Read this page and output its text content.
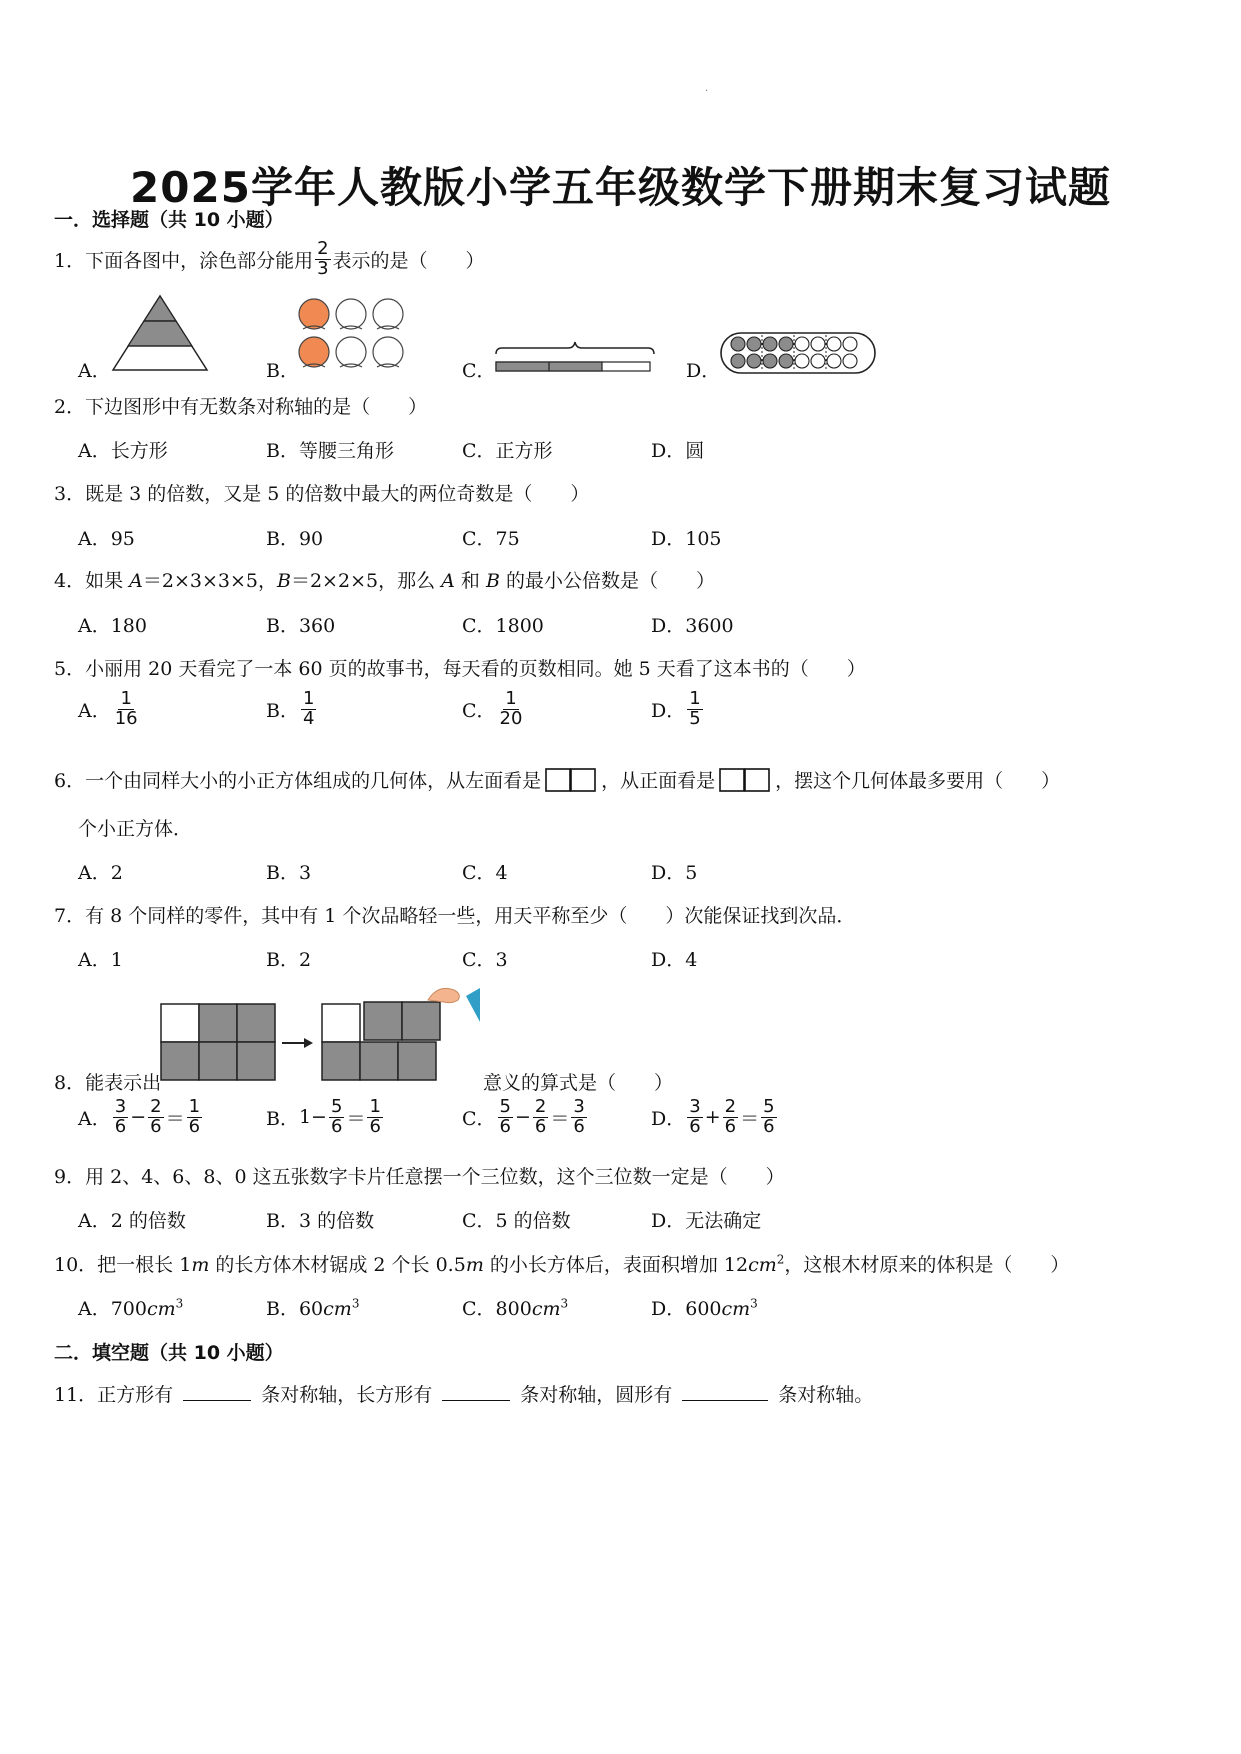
·
2025学年人教版小学五年级数学下册期末复习试题
一．选择题（共 10 小题）
1．下面各图中，涂色部分能用 $\frac{2}{3}$ 表示的是（　　）
A．	B．	C．	D．
2．下边图形中有无数条对称轴的是（　　）
A．长方形	B．等腰三角形	C．正方形	D．圆
3．既是 3 的倍数，又是 5 的倍数中最大的两位奇数是（　　）
A．95	B．90	C．75	D．105
4．如果 A＝2×3×3×5，B＝2×2×5，那么 A 和 B 的最小公倍数是（　　）
A．180	B．360	C．1800	D．3600
5．小丽用 20 天看完了一本 60 页的故事书，每天看的页数相同。她 5 天看了这本书的（　　）
A． $\frac{1}{16}$	B． $\frac{1}{4}$	C． $\frac{1}{20}$	D． $\frac{1}{5}$
6．一个由同样大小的小正方体组成的几何体，从左面看是	，从正面看是	，摆这个几何体最多要用（　　）
个小正方体．
A．2	B．3	C．4	D．5
7．有 8 个同样的零件，其中有 1 个次品略轻一些，用天平称至少（　　）次能保证找到次品．
A．1	B．2	C．3	D．4
8．能表示出	意义的算式是（　　）
A． $\frac{3}{6} - \frac{2}{6} = \frac{1}{6}$	B． $1- \frac{5}{6} = \frac{1}{6}$	C． $\frac{5}{6} - \frac{2}{6} = \frac{3}{6}$	D． $\frac{3}{6} + \frac{2}{6} = \frac{5}{6}$
9．用 2、4、6、8、0 这五张数字卡片任意摆一个三位数，这个三位数一定是（　　）
A．2 的倍数	B．3 的倍数	C．5 的倍数	D．无法确定
10．把一根长 1m 的长方体木材锯成 2 个长 0.5m 的小长方体后，表面积增加 $12cm^2$，这根木材原来的体积是（　　）
A．$700cm^3$	B．$60cm^3$	C．$800cm^3$	D．$600cm^3$
二．填空题（共 10 小题）
11．正方形有	条对称轴，长方形有	条对称轴，圆形有	条对称轴。
